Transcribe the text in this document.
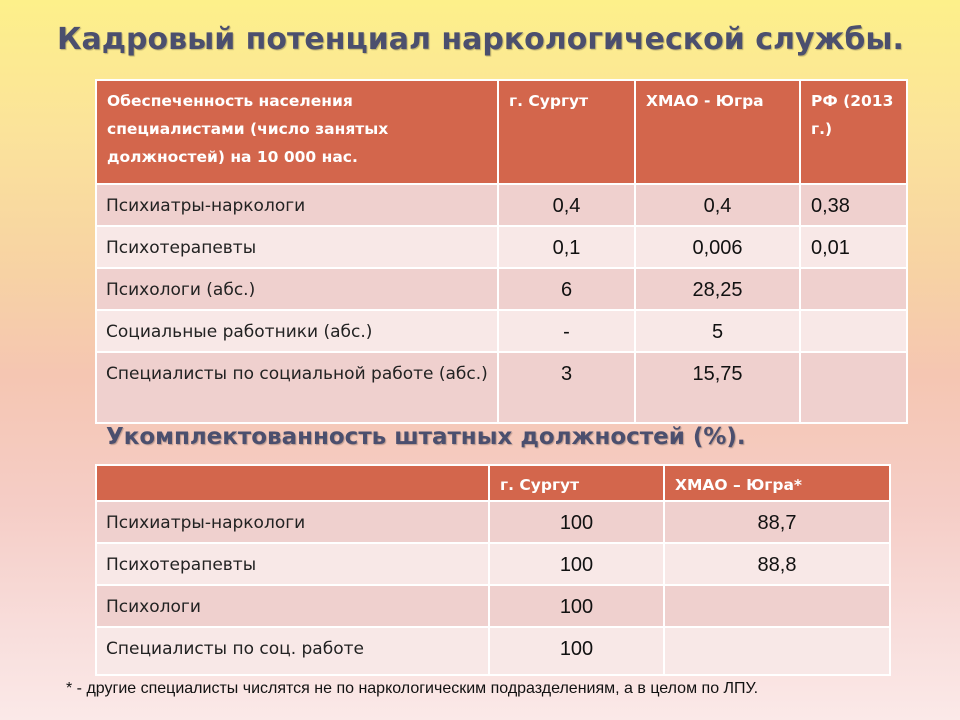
Кадровый потенциал наркологической службы.
Обеспеченность населения специалистами (число занятых должностей) на 10 000 нас.	г. Сургут	ХМАО - Югра	РФ (2013 г.)
Психиатры-наркологи	0,4	0,4	0,38
Психотерапевты	0,1	0,006	0,01
Психологи (абс.)	6	28,25	
Социальные работники (абс.)	-	5	
Специалисты по социальной работе (абс.)	3	15,75	
Укомплектованность штатных должностей (%).
	г. Сургут	ХМАО – Югра*
Психиатры-наркологи	100	88,7
Психотерапевты	100	88,8
Психологи	100	
Специалисты по соц. работе	100	
* - другие специалисты числятся не по наркологическим подразделениям, а в целом по ЛПУ.
